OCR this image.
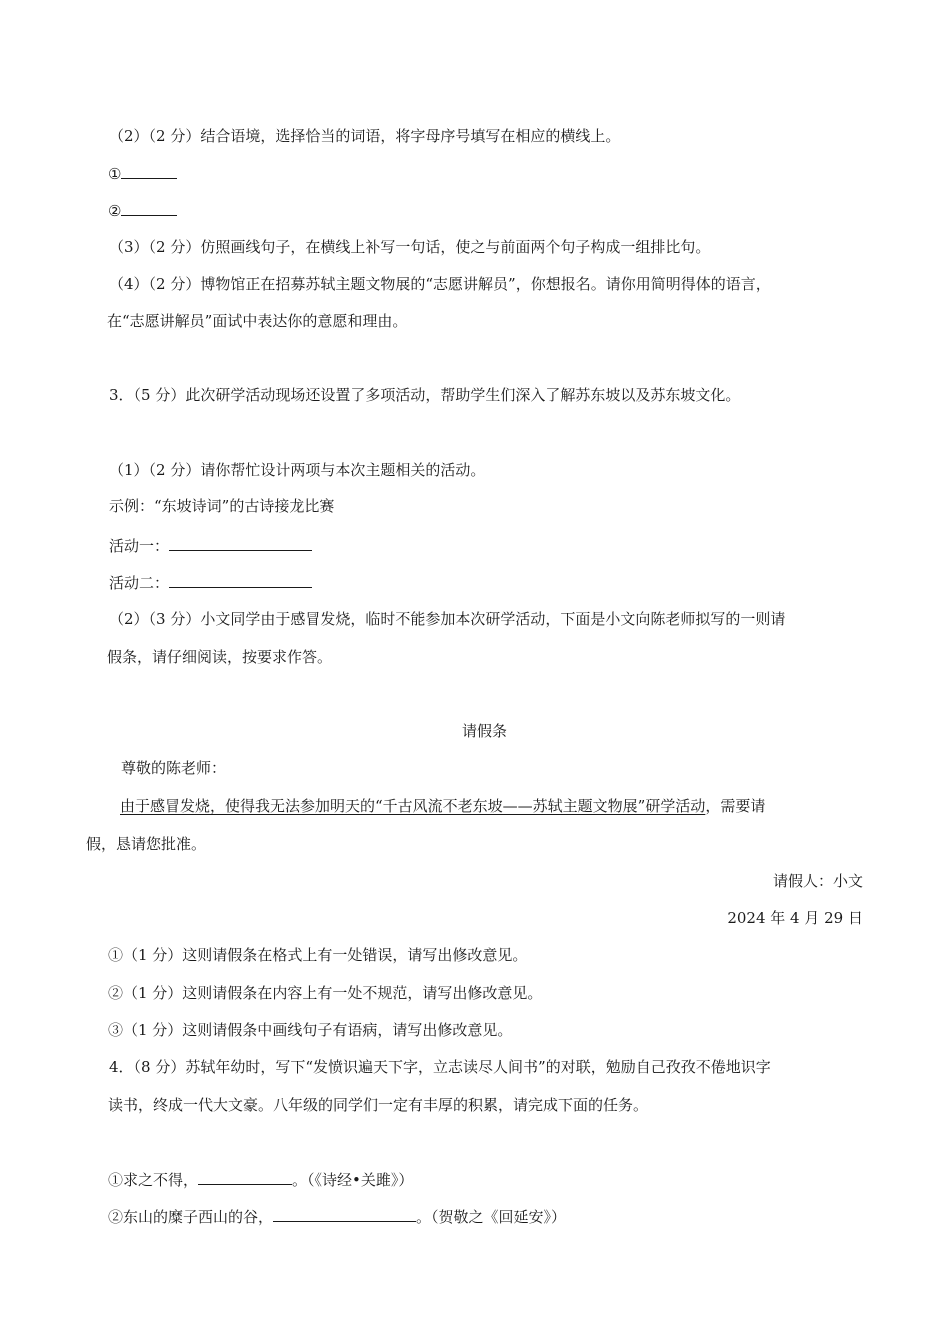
（2）（2 分）结合语境，选择恰当的词语，将字母序号填写在相应的横线上。
①
②
（3）（2 分）仿照画线句子，在横线上补写一句话，使之与前面两个句子构成一组排比句。
（4）（2 分）博物馆正在招募苏轼主题文物展的“志愿讲解员”，你想报名。请你用简明得体的语言，
在“志愿讲解员”面试中表达你的意愿和理由。
3．（5 分）此次研学活动现场还设置了多项活动，帮助学生们深入了解苏东坡以及苏东坡文化。
（1）（2 分）请你帮忙设计两项与本次主题相关的活动。
示例：“东坡诗词”的古诗接龙比赛
活动一：
活动二：
（2）（3 分）小文同学由于感冒发烧，临时不能参加本次研学活动，下面是小文向陈老师拟写的一则请
假条，请仔细阅读，按要求作答。
请假条
尊敬的陈老师：
由于感冒发烧，使得我无法参加明天的“千古风流不老东坡——苏轼主题文物展”研学活动，需要请
假，恳请您批准。
请假人：小文
2024 年 4 月 29 日
①（1 分）这则请假条在格式上有一处错误，请写出修改意见。
②（1 分）这则请假条在内容上有一处不规范，请写出修改意见。
③（1 分）这则请假条中画线句子有语病，请写出修改意见。
4．（8 分）苏轼年幼时，写下“发愤识遍天下字，立志读尽人间书”的对联，勉励自己孜孜不倦地识字
读书，终成一代大文豪。八年级的同学们一定有丰厚的积累，请完成下面的任务。
①求之不得，	。（《诗经•关雎》）
②东山的糜子西山的谷，	。（贺敬之《回延安》）
